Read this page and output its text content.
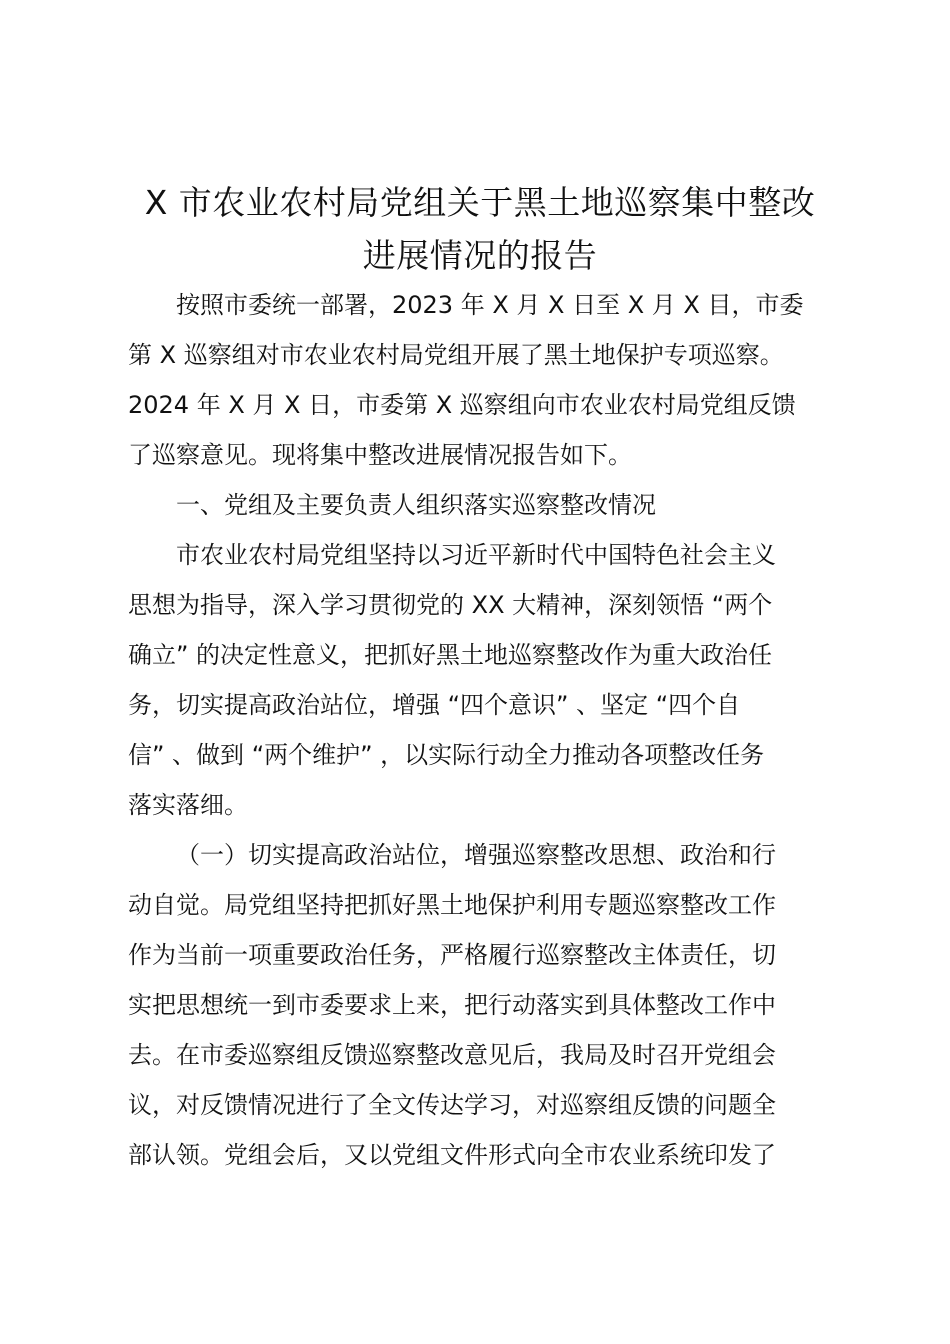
X 市农业农村局党组关于黑土地巡察集中整改
进展情况的报告

按照市委统一部署，2023 年 X 月 X 日至 X 月 X 目，市委

第 X 巡察组对市农业农村局党组开展了黑土地保护专项巡察。

2024 年 X 月 X 日，市委第 X 巡察组向市农业农村局党组反馈

了巡察意见。现将集中整改进展情况报告如下。

一、党组及主要负责人组织落实巡察整改情况

市农业农村局党组坚持以习近平新时代中国特色社会主义

思想为指导，深入学习贯彻党的 XX 大精神，深刻领悟 “两个

确立” 的决定性意义，把抓好黑土地巡察整改作为重大政治任

务，切实提高政治站位，增强 “四个意识” 、坚定 “四个自

信” 、做到 “两个维护” ，以实际行动全力推动各项整改任务

落实落细。

（一）切实提高政治站位，增强巡察整改思想、政治和行

动自觉。局党组坚持把抓好黑土地保护利用专题巡察整改工作

作为当前一项重要政治任务，严格履行巡察整改主体责任，切

实把思想统一到市委要求上来，把行动落实到具体整改工作中

去。在市委巡察组反馈巡察整改意见后，我局及时召开党组会

议，对反馈情况进行了全文传达学习，对巡察组反馈的问题全

部认领。党组会后，又以党组文件形式向全市农业系统印发了
